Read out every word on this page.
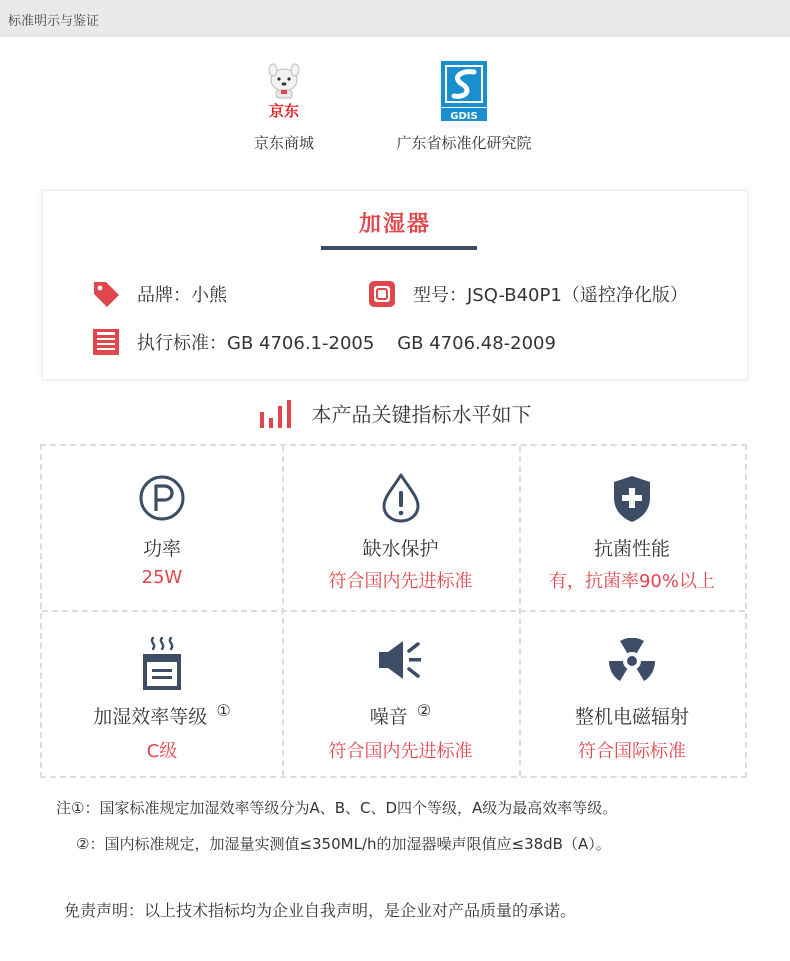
标准明示与鉴证
京东
京东商城
GDIS
广东省标准化研究院
加湿器
品牌：小熊	型号：JSQ-B40P1（遥控净化版）
执行标准：GB 4706.1-2005    GB 4706.48-2009
本产品关键指标水平如下
功率
25W
缺水保护
符合国内先进标准
抗菌性能
有，抗菌率90%以上
加湿效率等级 ①
C级
噪音 ②
符合国内先进标准
整机电磁辐射
符合国际标准
注①：国家标准规定加湿效率等级分为A、B、C、D四个等级，A级为最高效率等级。
②：国内标准规定，加湿量实测值≤350ML/h的加湿器噪声限值应≤38dB（A）。
免责声明：以上技术指标均为企业自我声明，是企业对产品质量的承诺。
